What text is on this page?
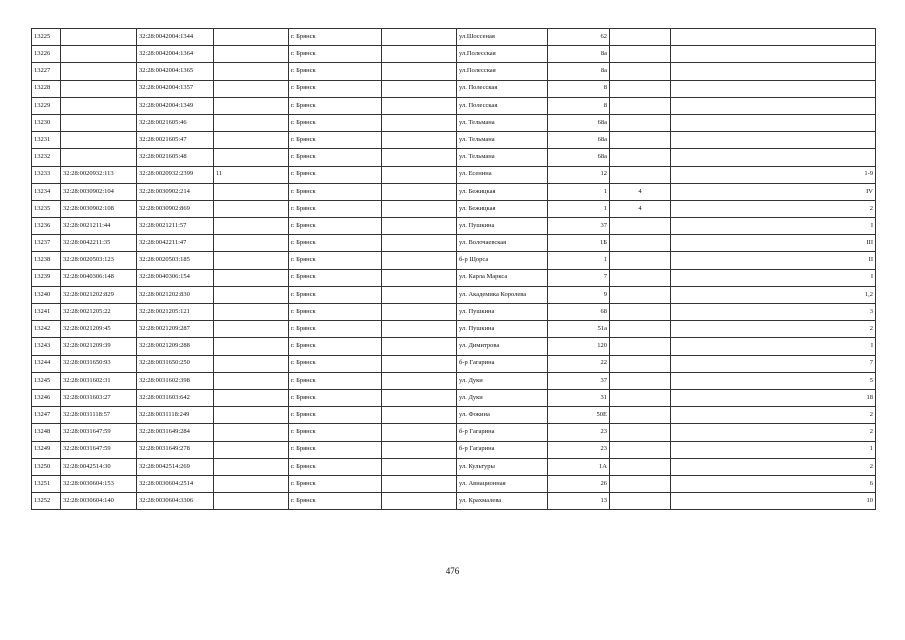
13225		32:28:0042004:1344		г. Брянск		ул.Шоссеная	62		
13226		32:28:0042004:1364		г. Брянск		ул.Полесская	8а		
13227		32:28:0042004:1365		г. Брянск		ул.Полесская	8а		
13228		32:28:0042004:1357		г. Брянск		ул. Полесская	8		
13229		32:28:0042004:1349		г. Брянск		ул. Полесская	8		
13230		32:28:0021605:46		г. Брянск		ул. Тельмана	68а		
13231		32:28:0021605:47		г. Брянск		ул. Тельмана	68а		
13232		32:28:0021605:48		г. Брянск		ул. Тельмана	68а		
13233	32:28:0020932:113	32:28:0020932:2399	11	г. Брянск		ул. Есенина	12		1-9
13234	32:28:0030902:104	32:28:0030902:214		г. Брянск		ул. Бежицкая	1	4	IV
13235	32:28:0030902:108	32:28:0030902:869		г. Брянск		ул. Бежицкая	1	4	2
13236	32:28:0021211:44	32:28:0021211:57		г. Брянск		ул. Пушкина	37		I
13237	32:28:0042211:35	32:28:0042211:47		г. Брянск		ул. Волочаевская	1Б		III
13238	32:28:0020503:123	32:28:0020503:185		г. Брянск		б-р Щорса	1		II
13239	32:28:0040306:148	32:28:0040306:154		г. Брянск		ул. Карла Маркса	7		I
13240	32:28:0021202:829	32:28:0021202:830		г. Брянск		ул. Академика Королева	9		1,2
13241	32:28:0021205:22	32:28:0021205:121		г. Брянск		ул. Пушкина	68		3
13242	32:28:0021209:45	32:28:0021209:287		г. Брянск		ул. Пушкина	51а		2
13243	32:28:0021209:39	32:28:0021209:288		г. Брянск		ул. Димитрова	120		I
13244	32:28:0031650:93	32:28:0031650:250		г. Брянск		б-р Гагарина	22		7
13245	32:28:0031602:31	32:28:0031602:398		г. Брянск		ул. Дуки	37		5
13246	32:28:0031603:27	32:28:0031603:642		г. Брянск		ул. Дуки	31		18
13247	32:28:0031118:57	32:28:0031118:249		г. Брянск		ул. Фокина	50Е		2
13248	32:28:0031647:59	32:28:0031649:284		г. Брянск		б-р Гагарина	23		2
13249	32:28:0031647:59	32:28:0031649:278		г. Брянск		б-р Гагарина	23		1
13250	32:28:0042514:30	32:28:0042514:269		г. Брянск		ул. Культуры	1А		2
13251	32:28:0030604:153	32:28:0030604:2514		г. Брянск		ул. Авиационная	26		6
13252	32:28:0030604:140	32:28:0030604:3306		г. Брянск		ул. Крахмалева	13		10
476
